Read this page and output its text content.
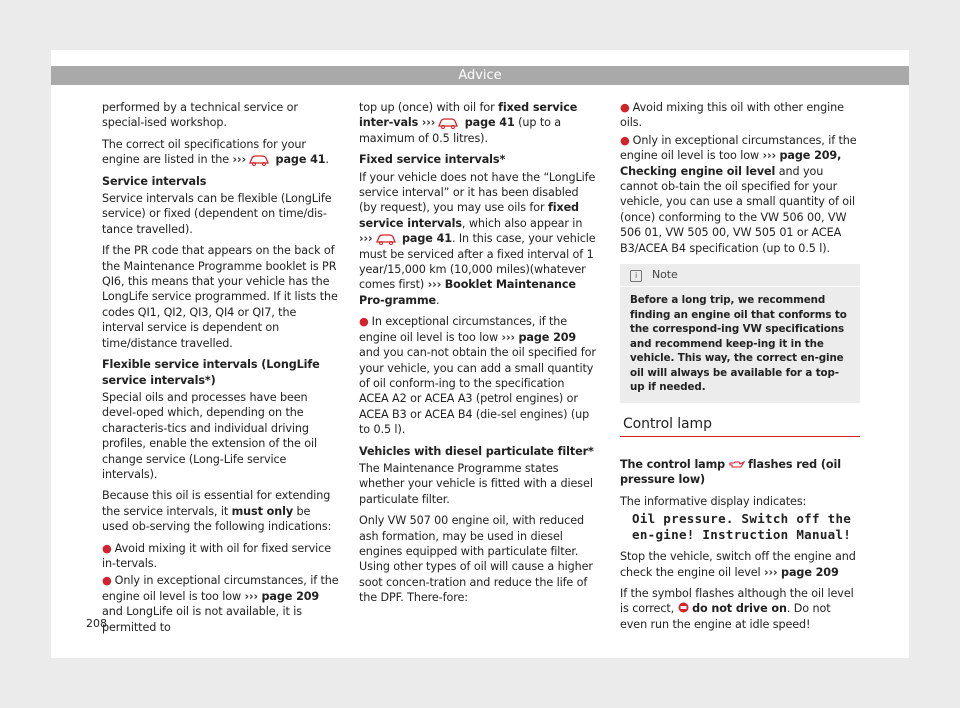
Advice

performed by a technical service or special-ised workshop.

The correct oil specifications for your engine are listed in the ›››	page 41.

Service intervals

Service intervals can be flexible (LongLife service) or fixed (dependent on time/dis-tance travelled).

If the PR code that appears on the back of the Maintenance Programme booklet is PR QI6, this means that your vehicle has the LongLife service programmed. If it lists the codes QI1, QI2, QI3, QI4 or QI7, the interval service is dependent on time/distance travelled.

Flexible service intervals (LongLife service intervals*)

Special oils and processes have been devel-oped which, depending on the characteris-tics and individual driving profiles, enable the extension of the oil change service (Long-Life service intervals).

Because this oil is essential for extending the service intervals, it must only be used ob-serving the following indications:

● Avoid mixing it with oil for fixed service in-tervals.

● Only in exceptional circumstances, if the engine oil level is too low ››› page 209 and LongLife oil is not available, it is permitted to

top up (once) with oil for fixed service inter-vals ›››	page 41 (up to a maximum of 0.5 litres).

Fixed service intervals*

If your vehicle does not have the “LongLife service interval” or it has been disabled (by request), you may use oils for fixed service intervals, which also appear in ›››	page 41. In this case, your vehicle must be serviced after a fixed interval of 1 year/15,000 km (10,000 miles)(whatever comes first) ››› Booklet Maintenance Pro-gramme.

● In exceptional circumstances, if the engine oil level is too low ››› page 209 and you can-not obtain the oil specified for your vehicle, you can add a small quantity of oil conform-ing to the specification ACEA A2 or ACEA A3 (petrol engines) or ACEA B3 or ACEA B4 (die-sel engines) (up to 0.5 l).

Vehicles with diesel particulate filter*

The Maintenance Programme states whether your vehicle is fitted with a diesel particulate filter.

Only VW 507 00 engine oil, with reduced ash formation, may be used in diesel engines equipped with particulate filter. Using other types of oil will cause a higher soot concen-tration and reduce the life of the DPF. There-fore:

● Avoid mixing this oil with other engine oils.

● Only in exceptional circumstances, if the engine oil level is too low ››› page 209, Checking engine oil level and you cannot ob-tain the oil specified for your vehicle, you can use a small quantity of oil (once) conforming to the VW 506 00, VW 506 01, VW 505 00, VW 505 01 or ACEA B3/ACEA B4 specification (up to 0.5 l).

i Note
Before a long trip, we recommend finding an engine oil that conforms to the correspond-ing VW specifications and recommend keep-ing it in the vehicle. This way, the correct en-gine oil will always be available for a top-up if needed.
Control lamp

The control lamp flashes red (oil pressure low)

The informative display indicates:

Oil pressure. Switch off the en-gine! Instruction Manual!

Stop the vehicle, switch off the engine and check the engine oil level ››› page 209

If the symbol flashes although the oil level is correct, do not drive on. Do not even run the engine at idle speed!

208
